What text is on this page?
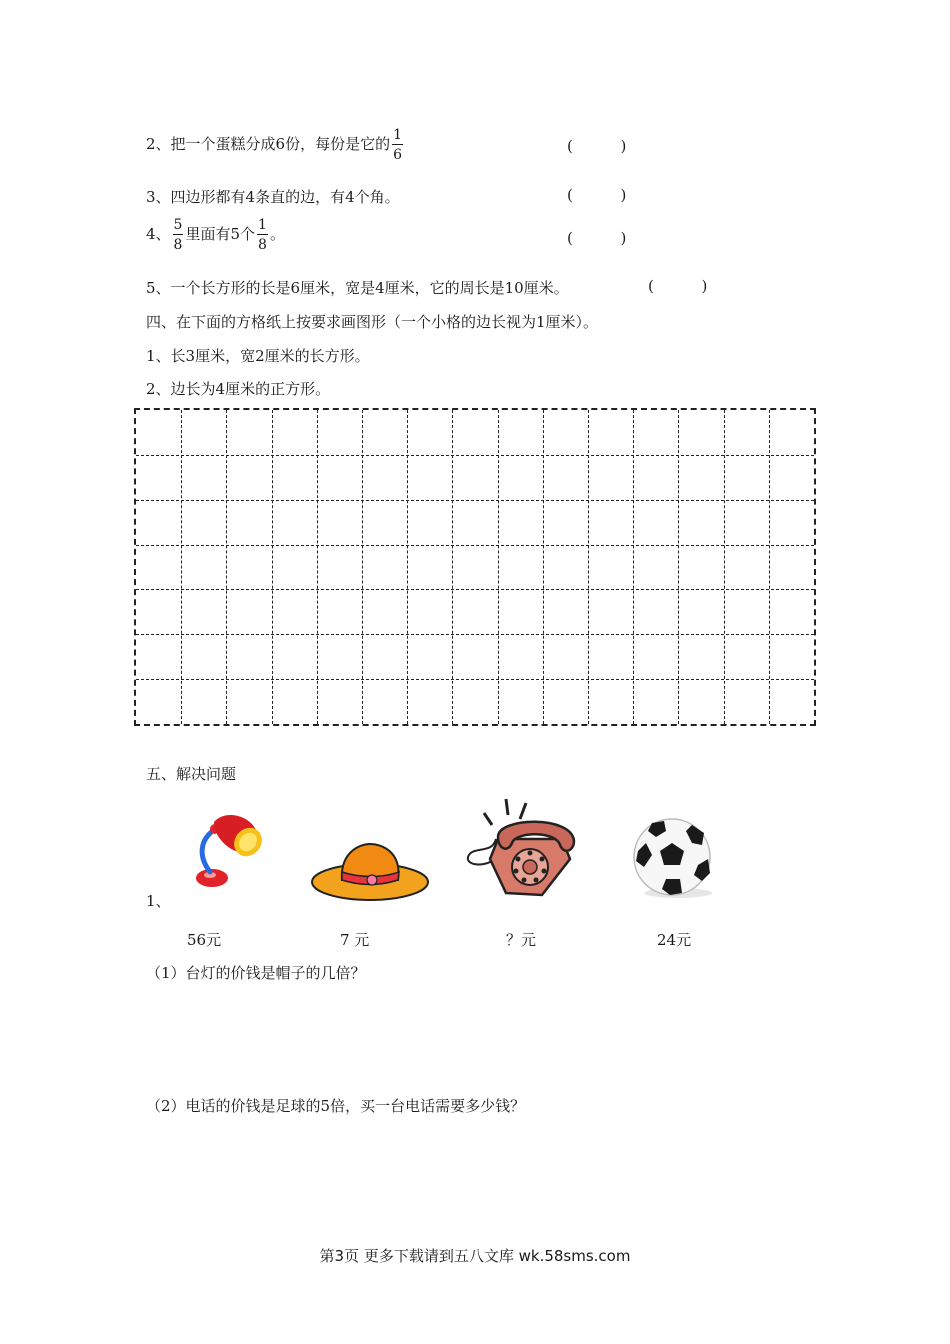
2、把一个蛋糕分成6份，每份是它的 $\frac{1}{6}$	(          )
3、四边形都有4条直的边，有4个角。	(          )
4、 $\frac{5}{8}$ 里面有5个 $\frac{1}{8}$ 。	(          )
5、一个长方形的长是6厘米，宽是4厘米，它的周长是10厘米。	(          )
四、在下面的方格纸上按要求画图形（一个小格的边长视为1厘米）。
1、长3厘米，宽2厘米的长方形。
2、边长为4厘米的正方形。
五、解决问题
1、
56元	7 元	？元	24元
（1）台灯的价钱是帽子的几倍？
（2）电话的价钱是足球的5倍，买一台电话需要多少钱？
第3页 更多下载请到五八文库 wk.58sms.com
